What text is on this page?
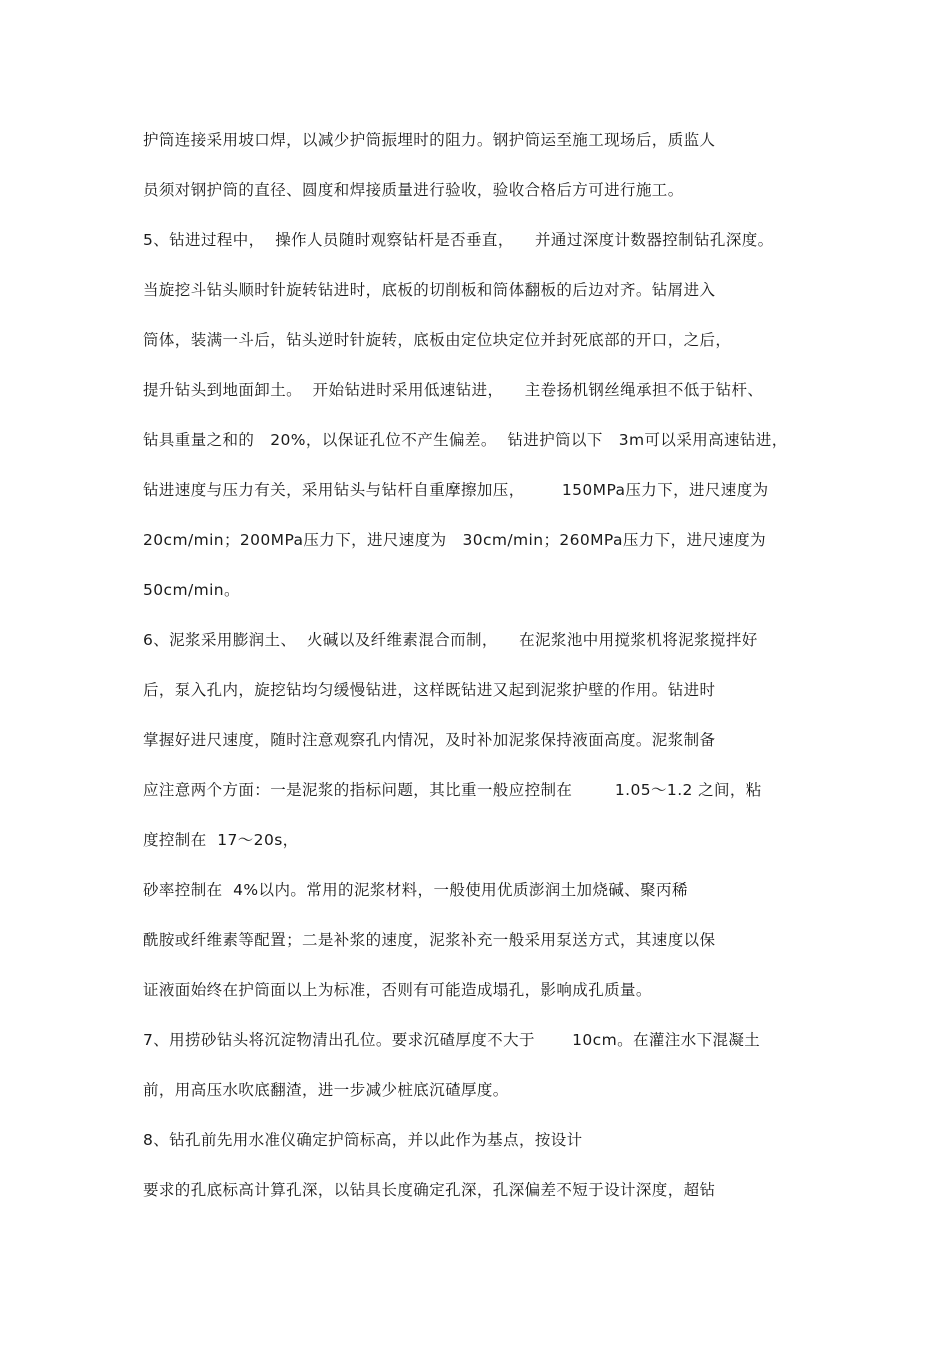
护筒连接采用坡口焊，以减少护筒振埋时的阻力。钢护筒运至施工现场后，质监人
员须对钢护筒的直径、圆度和焊接质量进行验收，验收合格后方可进行施工。
5、钻进过程中，  操作人员随时观察钻杆是否垂直，    并通过深度计数器控制钻孔深度。
当旋挖斗钻头顺时针旋转钻进时，底板的切削板和筒体翻板的后边对齐。钻屑进入
筒体，装满一斗后，钻头逆时针旋转，底板由定位块定位并封死底部的开口，之后，
提升钻头到地面卸土。  开始钻进时采用低速钻进，    主卷扬机钢丝绳承担不低于钻杆、
钻具重量之和的   20%，以保证孔位不产生偏差。  钻进护筒以下   3m可以采用高速钻进，
钻进速度与压力有关，采用钻头与钻杆自重摩擦加压，       150MPa压力下，进尺速度为
20cm/min；200MPa压力下，进尺速度为   30cm/min；260MPa压力下，进尺速度为
50cm/min。
6、泥浆采用膨润土、  火碱以及纤维素混合而制，    在泥浆池中用搅浆机将泥浆搅拌好
后，泵入孔内，旋挖钻均匀缓慢钻进，这样既钻进又起到泥浆护壁的作用。钻进时
掌握好进尺速度，随时注意观察孔内情况，及时补加泥浆保持液面高度。泥浆制备
应注意两个方面：一是泥浆的指标问题，其比重一般应控制在        1.05～1.2 之间，粘
度控制在  17～20s，
砂率控制在  4%以内。常用的泥浆材料，一般使用优质澎润土加烧碱、聚丙稀
酰胺或纤维素等配置；二是补浆的速度，泥浆补充一般采用泵送方式，其速度以保
证液面始终在护筒面以上为标准，否则有可能造成塌孔，影响成孔质量。
7、用捞砂钻头将沉淀物清出孔位。要求沉碴厚度不大于       10cm。在灌注水下混凝土
前，用高压水吹底翻渣，进一步减少桩底沉碴厚度。
8、钻孔前先用水准仪确定护筒标高，并以此作为基点，按设计
要求的孔底标高计算孔深，以钻具长度确定孔深，孔深偏差不短于设计深度，超钻
